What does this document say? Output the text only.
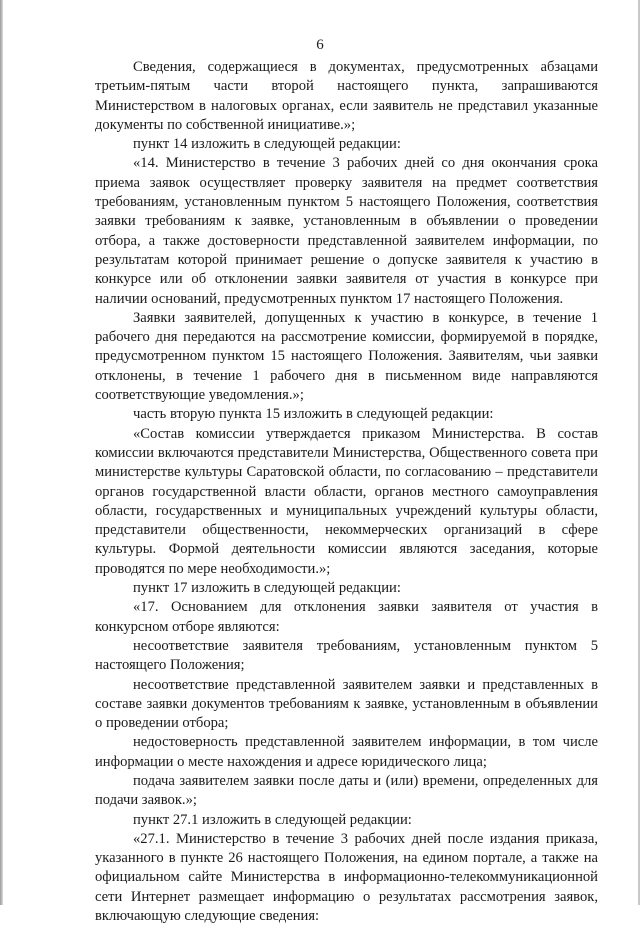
6

Сведения, содержащиеся в документах, предусмотренных абзацами третьим-пятым части второй настоящего пункта, запрашиваются Министерством в налоговых органах, если заявитель не представил указанные документы по собственной инициативе.»;

пункт 14 изложить в следующей редакции:

«14. Министерство в течение 3 рабочих дней со дня окончания срока приема заявок осуществляет проверку заявителя на предмет соответствия требованиям, установленным пунктом 5 настоящего Положения, соответствия заявки требованиям к заявке, установленным в объявлении о проведении отбора, а также достоверности представленной заявителем информации, по результатам которой принимает решение о допуске заявителя к участию в конкурсе или об отклонении заявки заявителя от участия в конкурсе при наличии оснований, предусмотренных пунктом 17 настоящего Положения.

Заявки заявителей, допущенных к участию в конкурсе, в течение 1 рабочего дня передаются на рассмотрение комиссии, формируемой в порядке, предусмотренном пунктом 15 настоящего Положения. Заявителям, чьи заявки отклонены, в течение 1 рабочего дня в письменном виде направляются соответствующие уведомления.»;

часть вторую пункта 15 изложить в следующей редакции:

«Состав комиссии утверждается приказом Министерства. В состав комиссии включаются представители Министерства, Общественного совета при министерстве культуры Саратовской области, по согласованию – представители органов государственной власти области, органов местного самоуправления области, государственных и муниципальных учреждений культуры области, представители общественности, некоммерческих организаций в сфере культуры. Формой деятельности комиссии являются заседания, которые проводятся по мере необходимости.»;

пункт 17 изложить в следующей редакции:

«17. Основанием для отклонения заявки заявителя от участия в конкурсном отборе являются:

несоответствие заявителя требованиям, установленным пунктом 5 настоящего Положения;

несоответствие представленной заявителем заявки и представленных в составе заявки документов требованиям к заявке, установленным в объявлении о проведении отбора;

недостоверность представленной заявителем информации, в том числе информации о месте нахождения и адресе юридического лица;

подача заявителем заявки после даты и (или) времени, определенных для подачи заявок.»;

пункт 27.1 изложить в следующей редакции:

«27.1. Министерство в течение 3 рабочих дней после издания приказа, указанного в пункте 26 настоящего Положения, на едином портале, а также на официальном сайте Министерства в информационно-телекоммуникационной сети Интернет размещает информацию о результатах рассмотрения заявок, включающую следующие сведения:
